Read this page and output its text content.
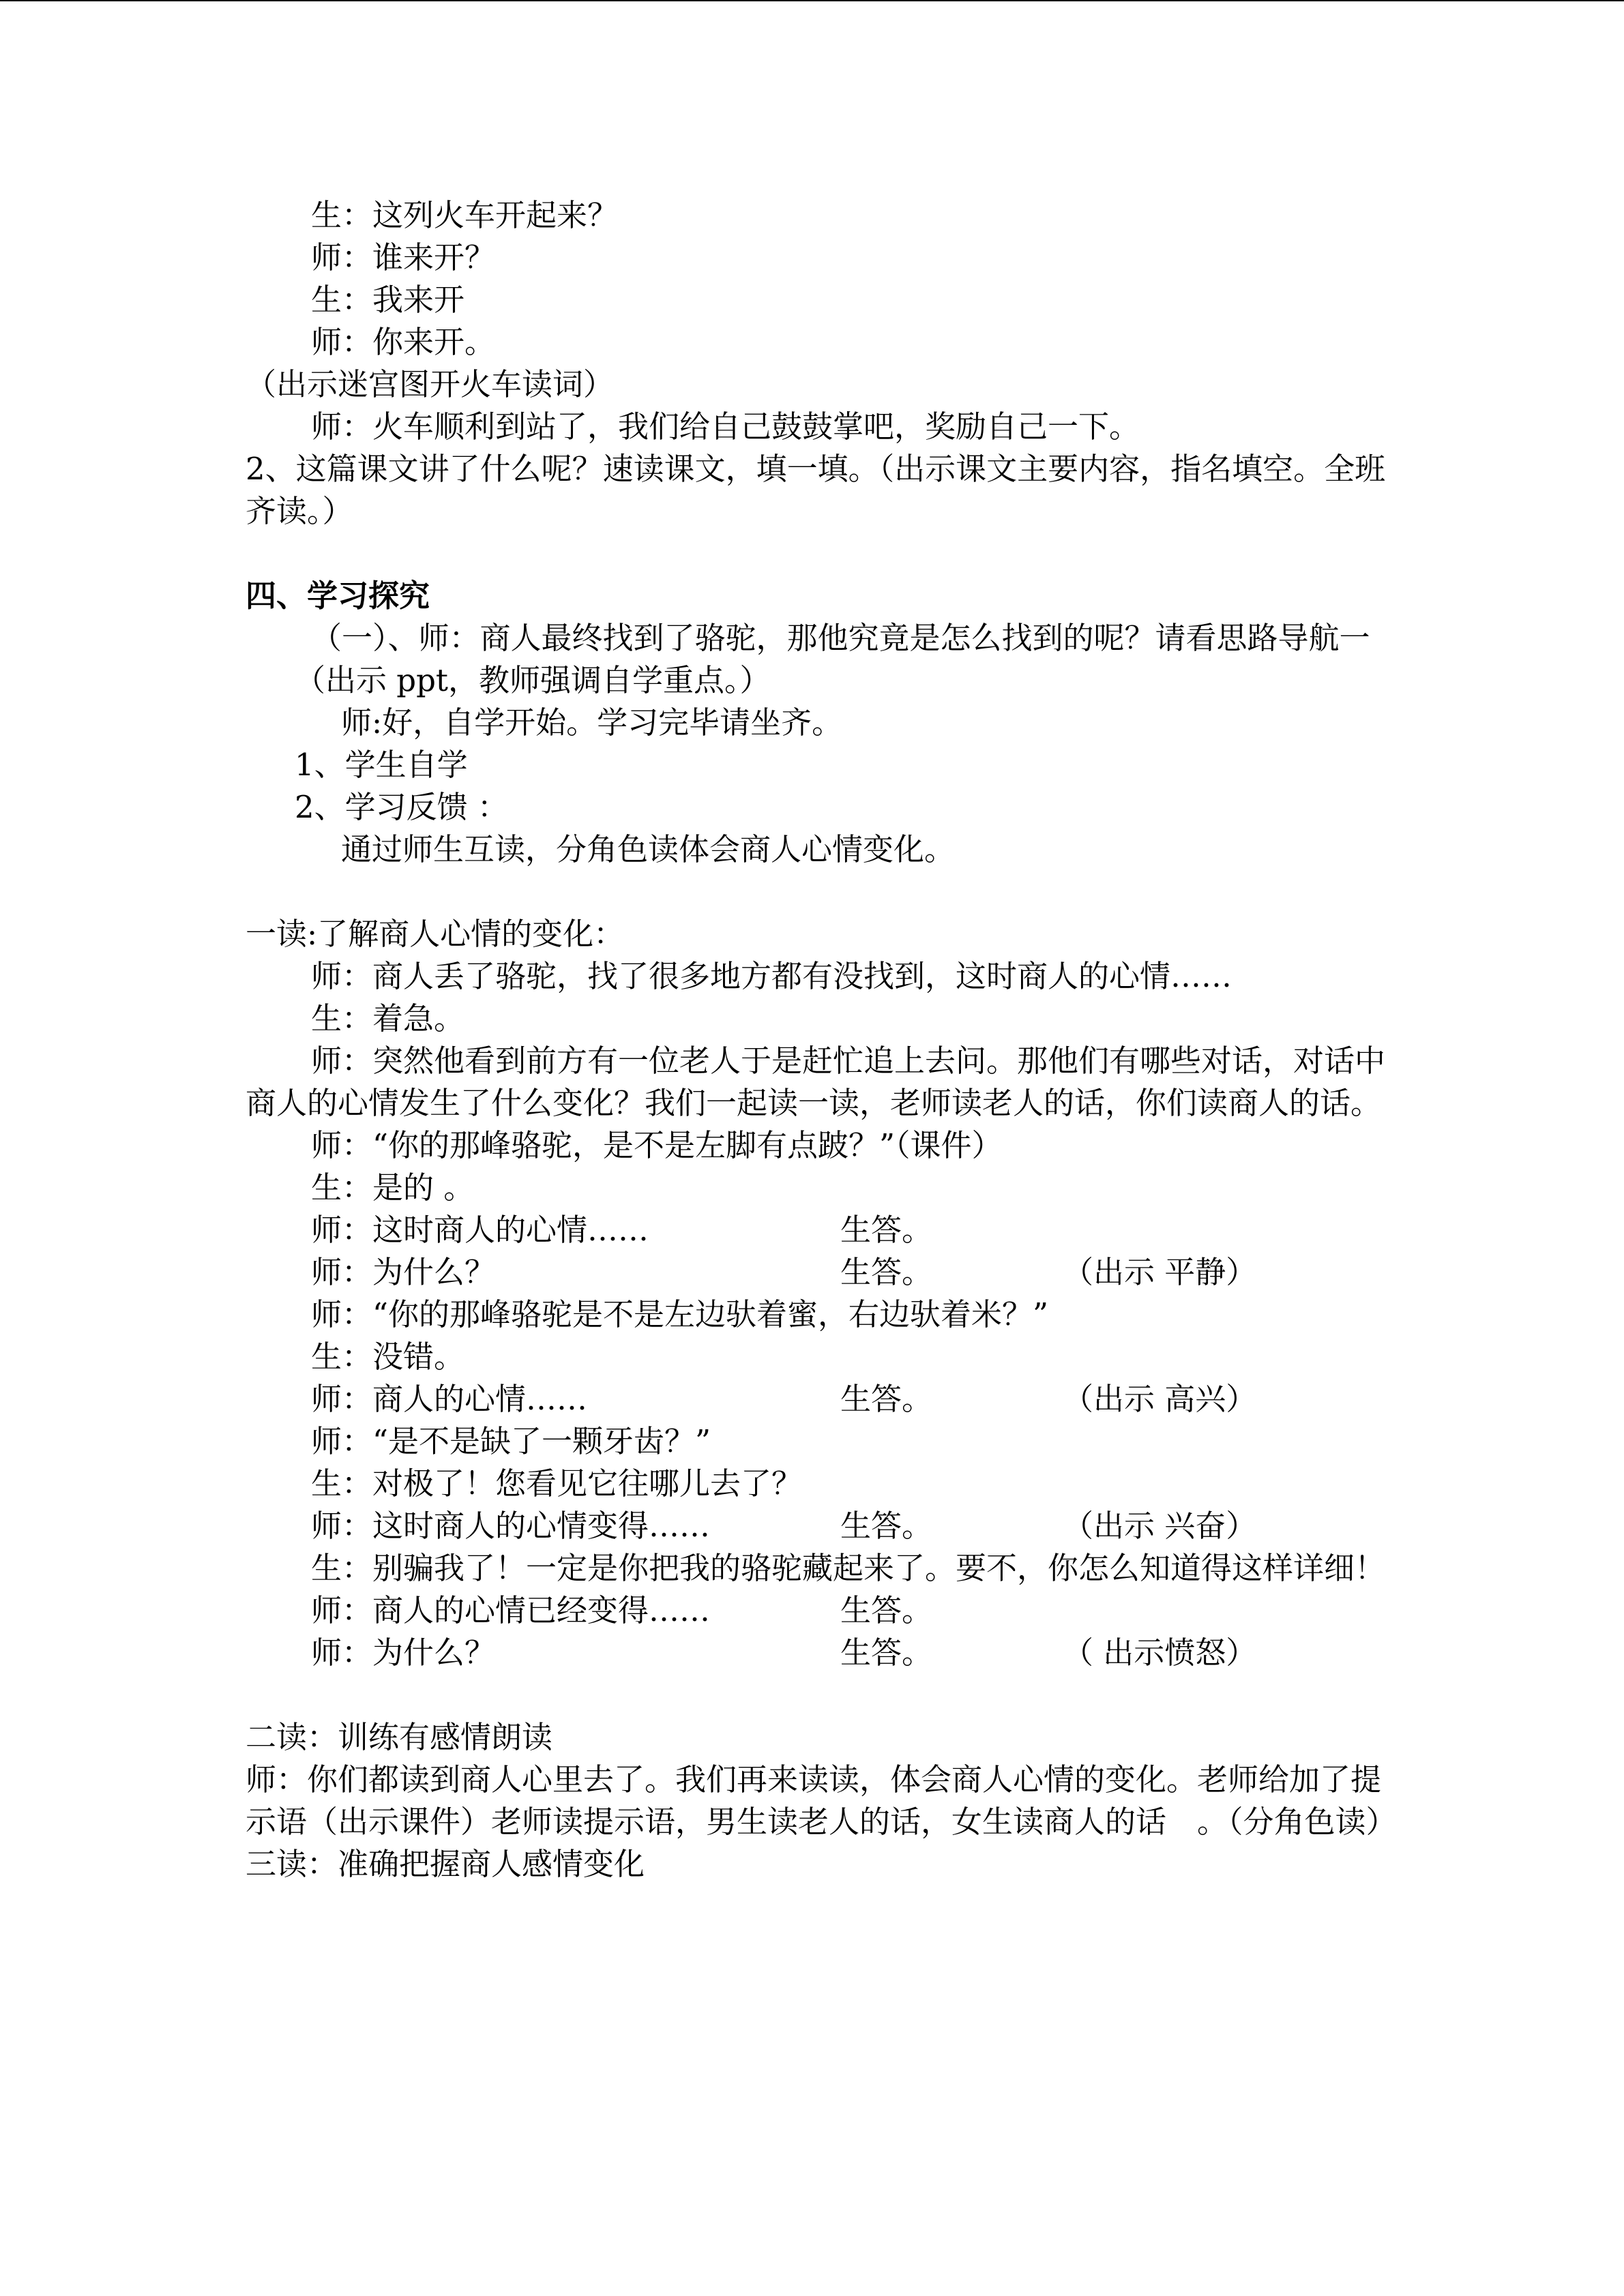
生：这列火车开起来？
师：谁来开？
生：我来开
师：你来开。
（出示迷宫图开火车读词）
师：火车顺利到站了，我们给自己鼓鼓掌吧，奖励自己一下。
2、这篇课文讲了什么呢？速读课文，填一填。（出示课文主要内容，指名填空。全班齐读。）
四、学习探究
（一）、师：商人最终找到了骆驼，那他究竟是怎么找到的呢？请看思路导航一
（出示 ppt，教师强调自学重点。）
师:好，自学开始。学习完毕请坐齐。
1、学生自学
2、学习反馈 ：
通过师生互读，分角色读体会商人心情变化。
一读:了解商人心情的变化：
师：商人丢了骆驼，找了很多地方都有没找到，这时商人的心情……
生：着急。
师：突然他看到前方有一位老人于是赶忙追上去问。那他们有哪些对话，对话中商人的心情发生了什么变化？我们一起读一读，老师读老人的话，你们读商人的话。
师：“你的那峰骆驼，是不是左脚有点跛？”（课件）
生：是的 。
师：这时商人的心情……	生答。
师：为什么？	生答。	（出示 平静）
师：“你的那峰骆驼是不是左边驮着蜜，右边驮着米？”
生：没错。
师：商人的心情……	生答。	（出示 高兴）
师：“是不是缺了一颗牙齿？”
生：对极了！您看见它往哪儿去了？
师：这时商人的心情变得……	生答。	（出示 兴奋）
生：别骗我了！一定是你把我的骆驼藏起来了。要不，你怎么知道得这样详细！
师：商人的心情已经变得……	生答。
师：为什么？	生答。	（ 出示愤怒）
二读：训练有感情朗读
师：你们都读到商人心里去了。我们再来读读，体会商人心情的变化。老师给加了提示语（出示课件）老师读提示语，男生读老人的话，女生读商人的话　。（分角色读）
三读：准确把握商人感情变化
